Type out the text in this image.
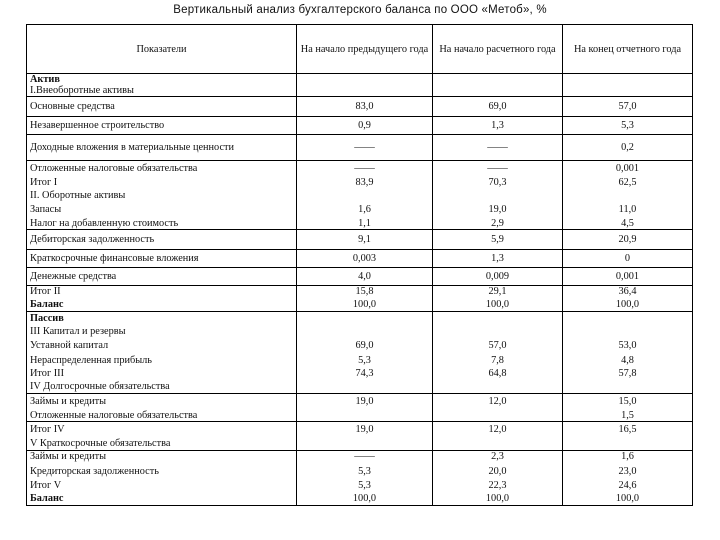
Вертикальный анализ бухгалтерского баланса по ООО «Метоб», %
Показатели	На начало предыдущего года	На начало расчетного года	На конец отчетного года
Актив			
I.Внеоборотные активы			
Основные средства	83,0	69,0	57,0
Незавершенное строительство	0,9	1,3	5,3
Доходные вложения в материальные ценности	——	——	0,2
Отложенные налоговые обязательства	——	——	0,001
Итог I	83,9	70,3	62,5
II. Оборотные активы			
Запасы	1,6	19,0	11,0
Налог на добавленную стоимость	1,1	2,9	4,5
Дебиторская задолженность	9,1	5,9	20,9
Краткосрочные финансовые вложения	0,003	1,3	0
Денежные средства	4,0	0,009	0,001
Итог II	15,8	29,1	36,4
Баланс	100,0	100,0	100,0
Пассив			
III Капитал и резервы			
Уставной капитал	69,0	57,0	53,0
Нераспределенная прибыль	5,3	7,8	4,8
Итог III	74,3	64,8	57,8
IV Долгосрочные обязательства			
Займы и кредиты	19,0	12,0	15,0
Отложенные налоговые обязательства			1,5
Итог IV	19,0	12,0	16,5
V Краткосрочные обязательства			
Займы и кредиты	——	2,3	1,6
Кредиторская задолженность	5,3	20,0	23,0
Итог V	5,3	22,3	24,6
Баланс	100,0	100,0	100,0
